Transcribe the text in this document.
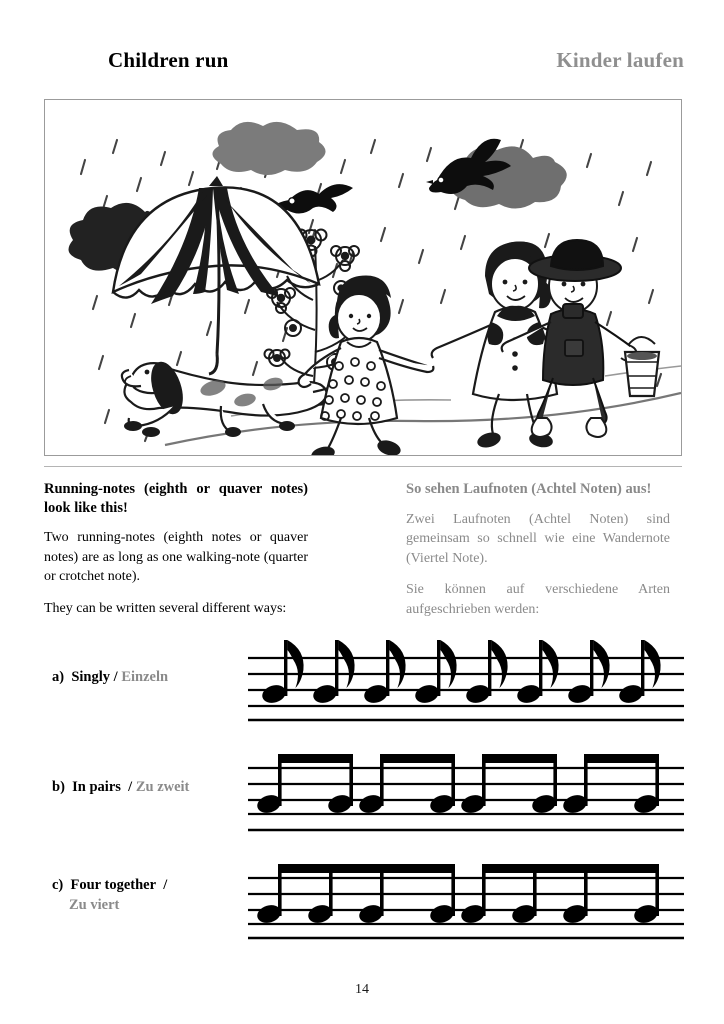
Children run	Kinder laufen

Running-notes (eighth or quaver notes) look like this!

Two running-notes (eighth notes or quaver notes) are as long as one walking-note (quarter or crotchet note).

They can be written several different ways:

So sehen Laufnoten (Achtel Noten) aus!

Zwei Laufnoten (Achtel Noten) sind gemeinsam so schnell wie eine Wandernote (Viertel Note).

Sie können auf verschiedene Arten aufgeschrieben werden:

a) Singly / Einzeln
b) In pairs / Zu zweit
c) Four together /
Zu viert
14
